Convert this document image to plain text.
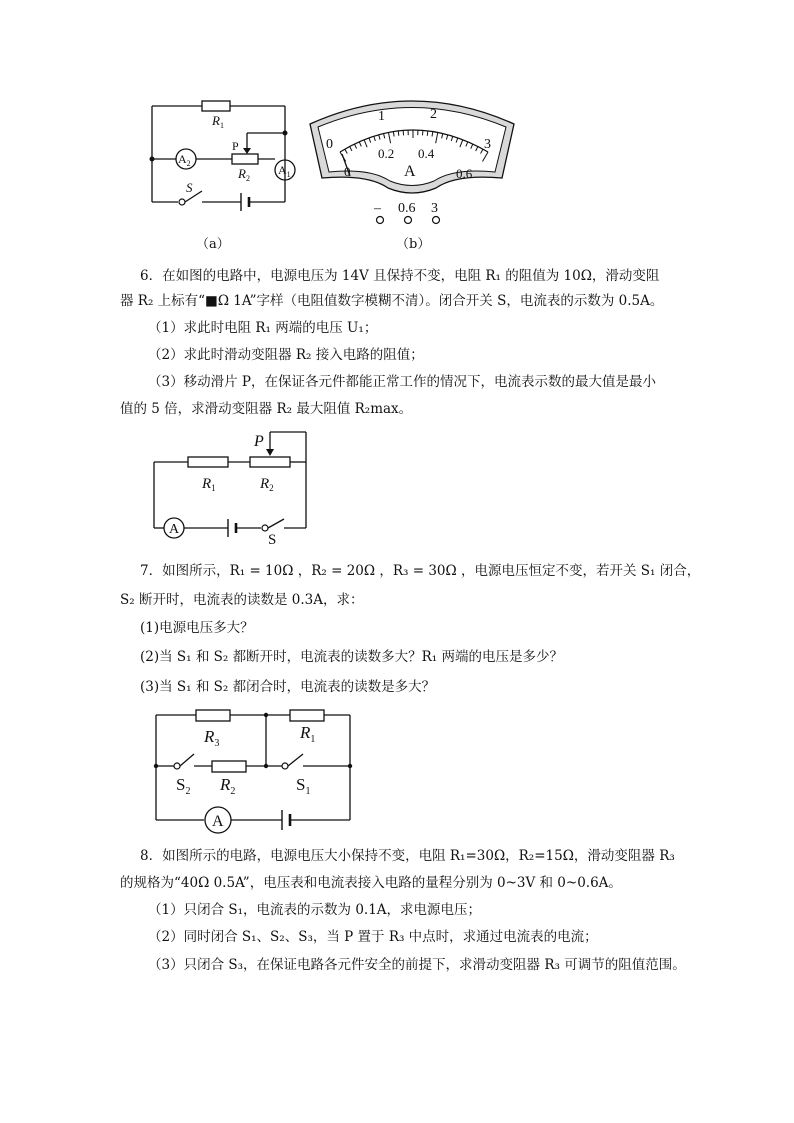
$R_1$
$A_2$
P
$R_2$
$A_1$
S
（a）
0
1	2
3
0
0.2 0.4
0.6
A
– 0.6 3
（b）
6．在如图的电路中，电源电压为 14V 且保持不变，电阻 R₁ 的阻值为 10Ω，滑动变阻
器 R₂ 上标有“■Ω 1A”字样（电阻值数字模糊不清）。闭合开关 S，电流表的示数为 0.5A。
（1）求此时电阻 R₁ 两端的电压 U₁；
（2）求此时滑动变阻器 R₂ 接入电路的阻值；
（3）移动滑片 P，在保证各元件都能正常工作的情况下，电流表示数的最大值是最小
值的 5 倍，求滑动变阻器 R₂ 最大阻值 R₂max。
P
$R_1$	$R_2$
A
S
7．如图所示，R₁ = 10Ω ，R₂ = 20Ω ，R₃ = 30Ω ，电源电压恒定不变，若开关 S₁ 闭合，
S₂ 断开时，电流表的读数是 0.3A，求：
(1)电源电压多大？
(2)当 S₁ 和 S₂ 都断开时，电流表的读数多大？R₁ 两端的电压是多少？
(3)当 S₁ 和 S₂ 都闭合时，电流表的读数是多大？
$R_3$
$R_1$
$R_2$
$S_2$	$S_1$
A
8．如图所示的电路，电源电压大小保持不变，电阻 R₁=30Ω，R₂=15Ω，滑动变阻器 R₃
的规格为“40Ω 0.5A”，电压表和电流表接入电路的量程分别为 0~3V 和 0~0.6A。
（1）只闭合 S₁，电流表的示数为 0.1A，求电源电压；
（2）同时闭合 S₁、S₂、S₃，当 P 置于 R₃ 中点时，求通过电流表的电流；
（3）只闭合 S₃，在保证电路各元件安全的前提下，求滑动变阻器 R₃ 可调节的阻值范围。
